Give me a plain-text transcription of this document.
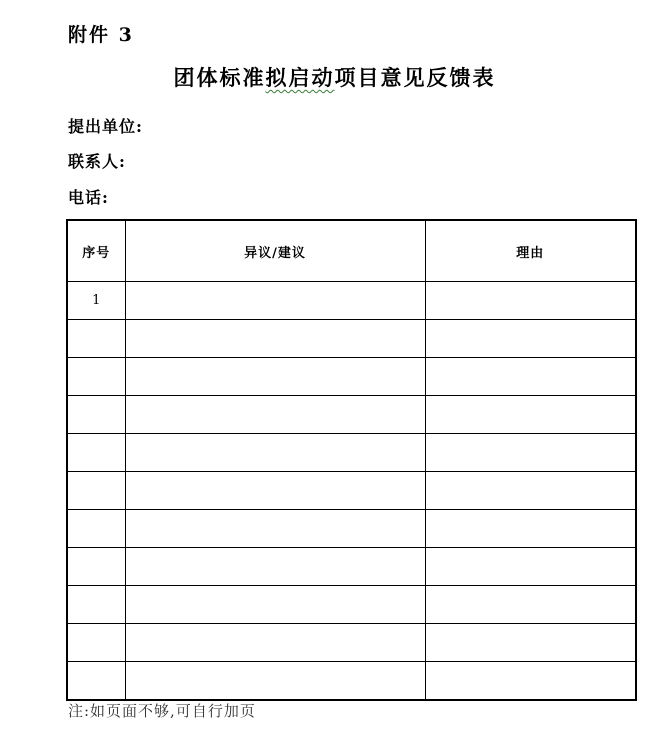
附件 3
团体标准拟启动项目意见反馈表
提出单位:
联系人:
电话:
序号	异议/建议	理由
1		

注:如页面不够,可自行加页
